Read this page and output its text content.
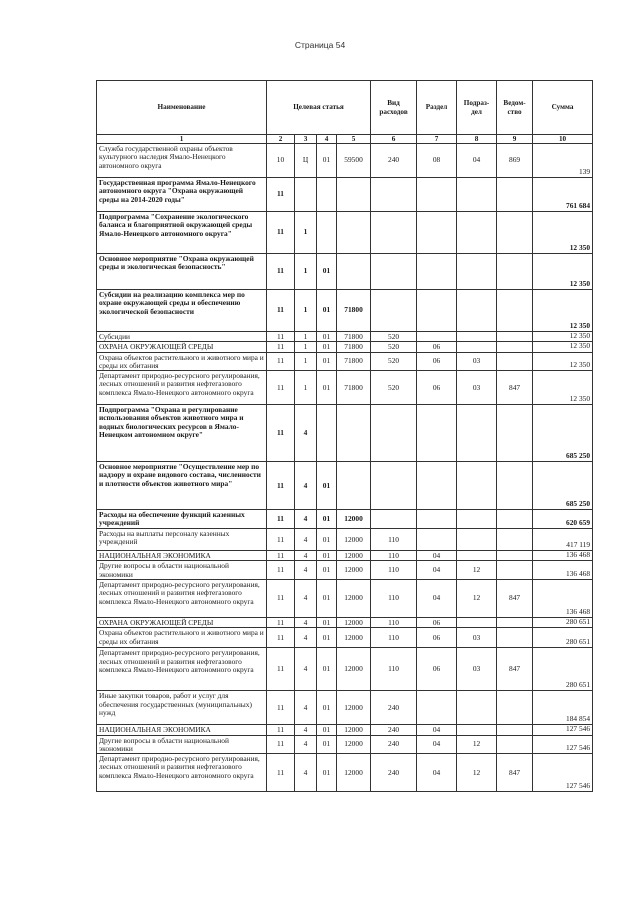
Страница 54
Наименование	Целевая статья				Вид расходов	Раздел	Подраз-дел	Ведом-ство	Сумма
1	2	3	4	5	6	7	8	9	10
Служба государственной охраны объектов культурного наследия Ямало-Ненецкого автономного округа	10	Ц	01	59500	240	08	04	869	139
Государственная программа Ямало-Ненецкого автономного округа "Охрана окружающей среды на 2014-2020 годы"	11								761 684
Подпрограмма "Сохранение экологического баланса и благоприятной окружающей среды Ямало-Ненецкого автономного округа"	11	1							12 350
Основное мероприятие "Охрана окружающей среды и экологическая безопасность"	11	1	01						12 350
Субсидии на реализацию комплекса мер по охране окружающей среды и обеспечению экологической безопасности	11	1	01	71800					12 350
Субсидии	11	1	01	71800	520				12 350
ОХРАНА ОКРУЖАЮЩЕЙ СРЕДЫ	11	1	01	71800	520	06			12 350
Охрана объектов растительного и животного мира и среды их обитания	11	1	01	71800	520	06	03		12 350
Департамент природно-ресурсного регулирования, лесных отношений и развития нефтегазового комплекса Ямало-Ненецкого автономного округа	11	1	01	71800	520	06	03	847	12 350
Подпрограмма "Охрана и регулирование использования объектов животного мира и водных биологических ресурсов в Ямало-Ненецком автономном округе"	11	4							685 250
Основное мероприятие "Осуществление мер по надзору и охране видового состава, численности и плотности объектов животного мира"	11	4	01						685 250
Расходы на обеспечение функций казенных учреждений	11	4	01	12000					620 659
Расходы на выплаты персоналу казенных учреждений	11	4	01	12000	110				417 119
НАЦИОНАЛЬНАЯ ЭКОНОМИКА	11	4	01	12000	110	04			136 468
Другие вопросы в области национальной экономики	11	4	01	12000	110	04	12		136 468
Департамент природно-ресурсного регулирования, лесных отношений и развития нефтегазового комплекса Ямало-Ненецкого автономного округа	11	4	01	12000	110	04	12	847	136 468
ОХРАНА ОКРУЖАЮЩЕЙ СРЕДЫ	11	4	01	12000	110	06			280 651
Охрана объектов растительного и животного мира и среды их обитания	11	4	01	12000	110	06	03		280 651
Департамент природно-ресурсного регулирования, лесных отношений и развития нефтегазового комплекса Ямало-Ненецкого автономного округа	11	4	01	12000	110	06	03	847	280 651
Иные закупки товаров, работ и услуг для обеспечения государственных (муниципальных) нужд	11	4	01	12000	240				184 854
НАЦИОНАЛЬНАЯ ЭКОНОМИКА	11	4	01	12000	240	04			127 546
Другие вопросы в области национальной экономики	11	4	01	12000	240	04	12		127 546
Департамент природно-ресурсного регулирования, лесных отношений и развития нефтегазового комплекса Ямало-Ненецкого автономного округа	11	4	01	12000	240	04	12	847	127 546
